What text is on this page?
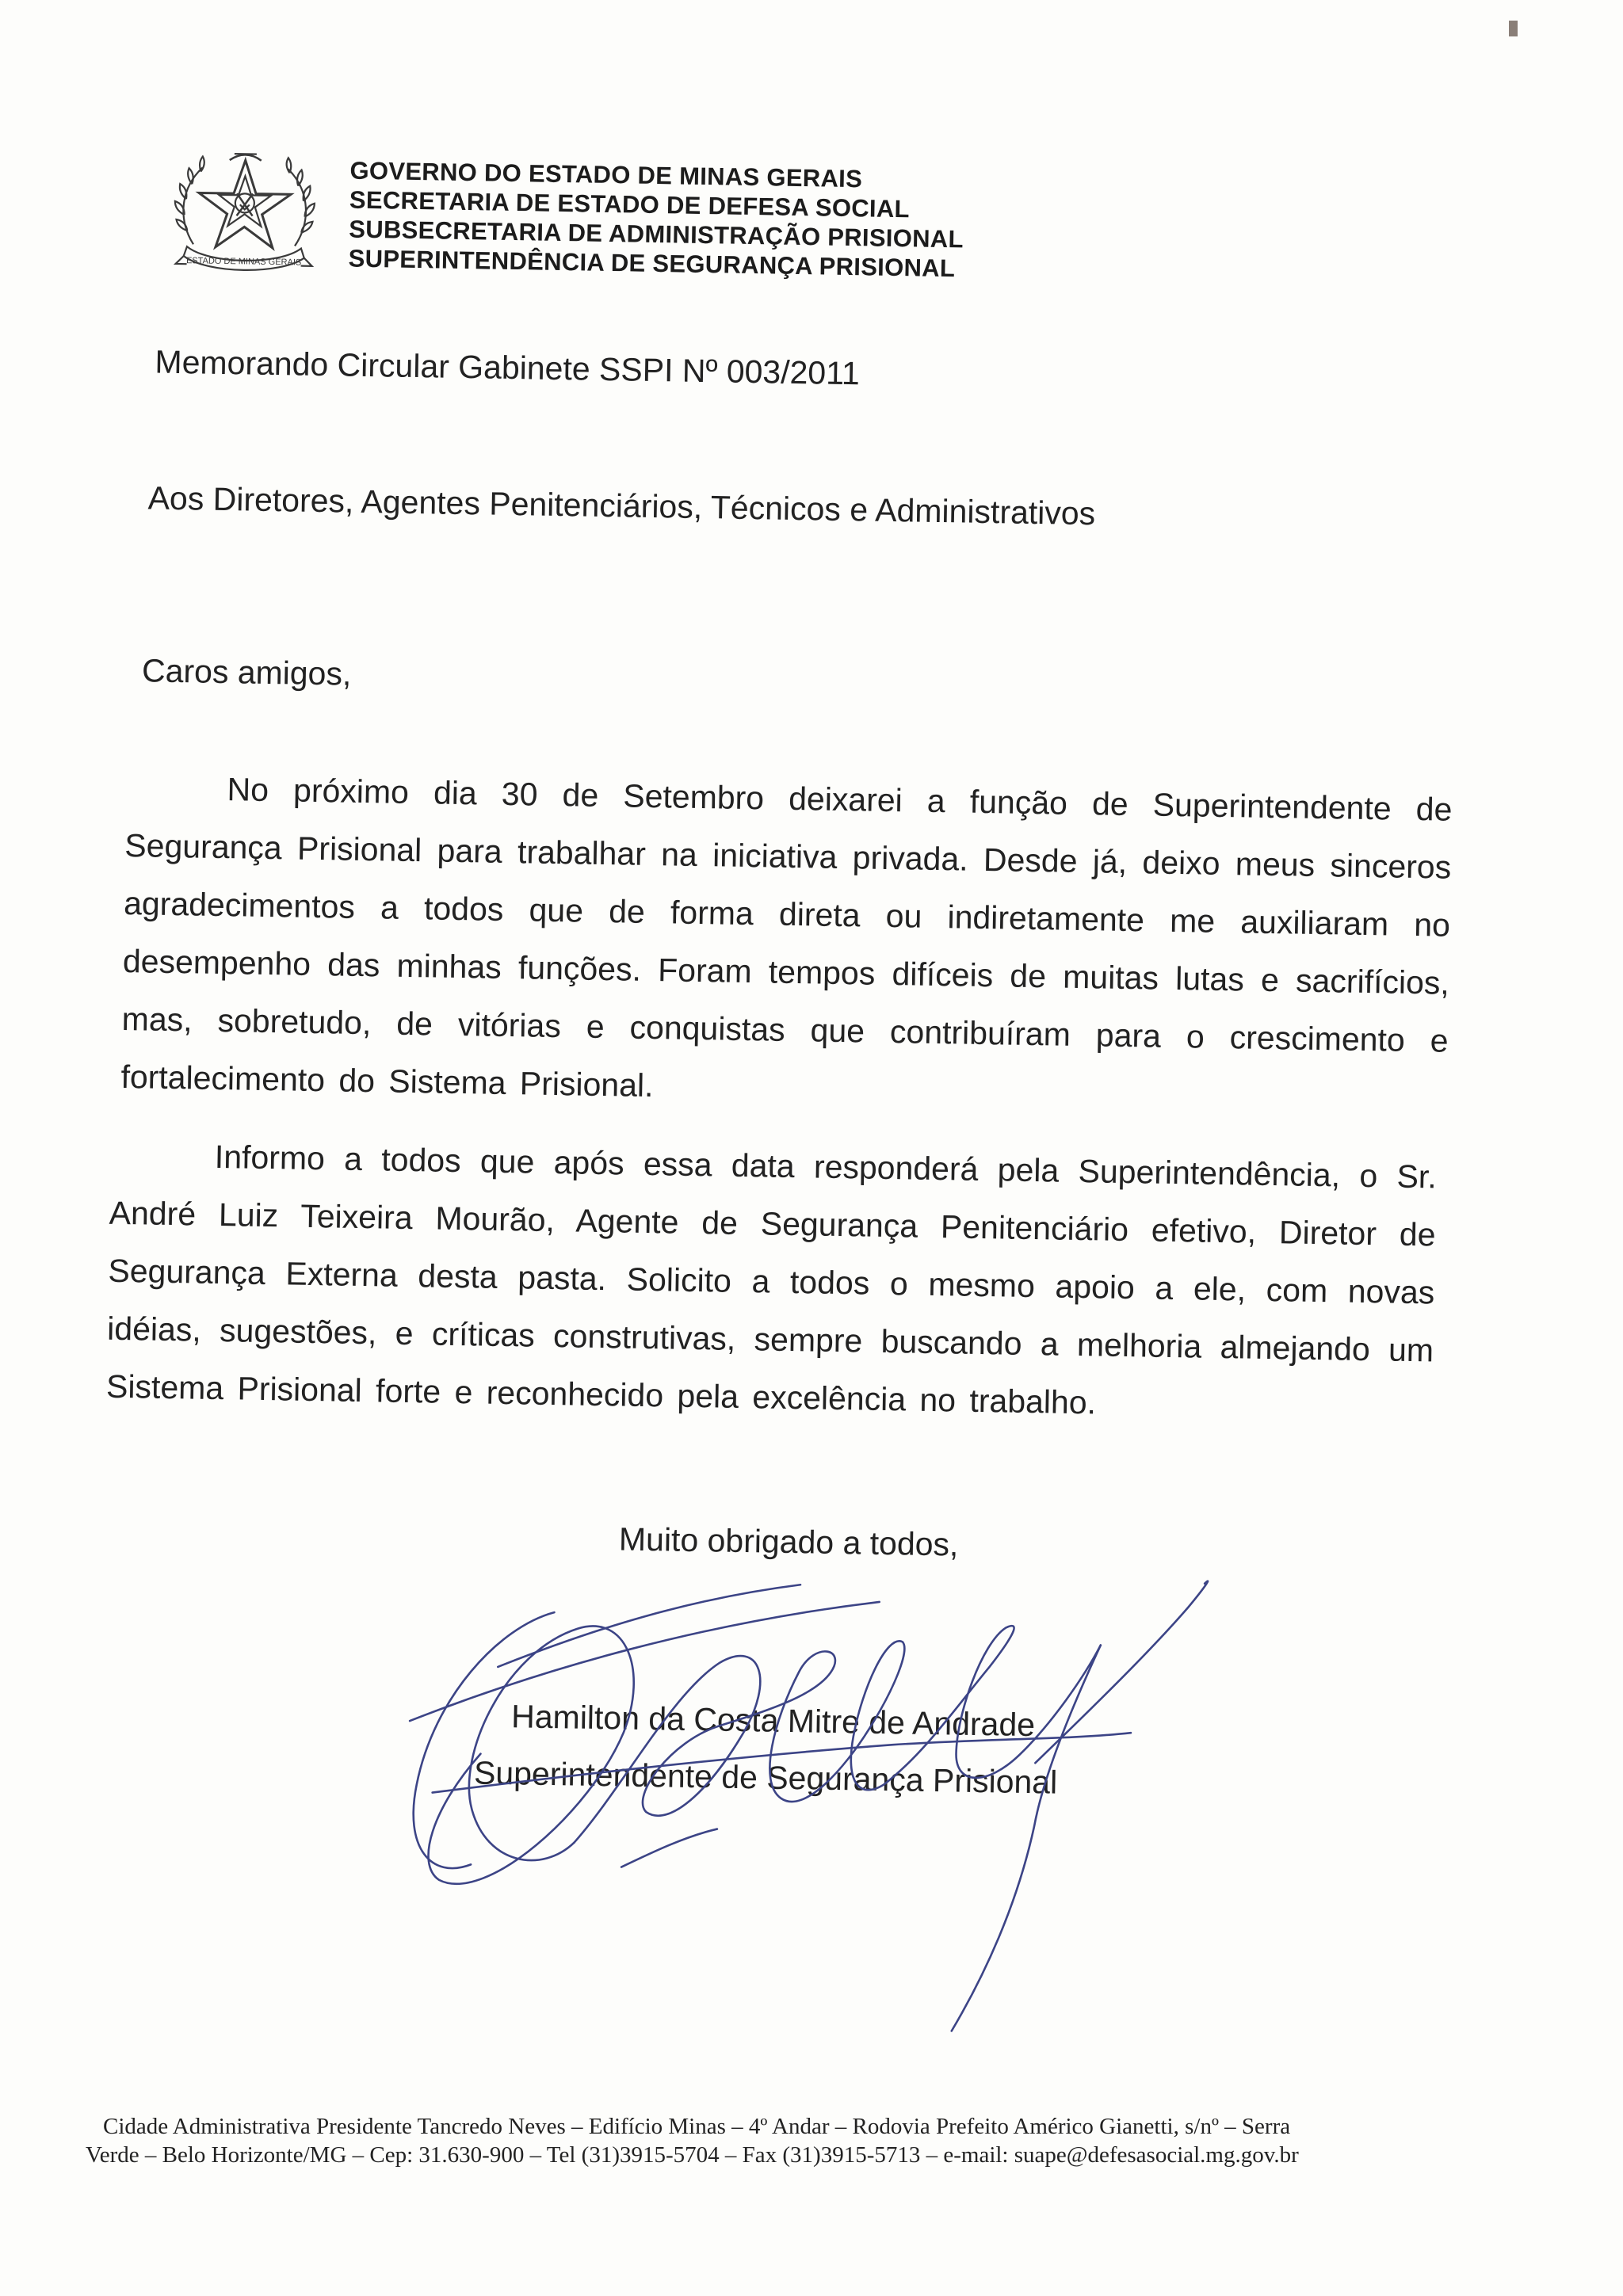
ESTADO DE MINAS GERAIS
GOVERNO DO ESTADO DE MINAS GERAIS
SECRETARIA DE ESTADO DE DEFESA SOCIAL
SUBSECRETARIA DE ADMINISTRAÇÃO PRISIONAL
SUPERINTENDÊNCIA DE SEGURANÇA PRISIONAL
Memorando Circular Gabinete SSPI Nº 003/2011
Aos Diretores, Agentes Penitenciários, Técnicos e Administrativos
Caros amigos,
No próximo dia 30 de Setembro deixarei a função de Superintendente de Segurança Prisional para trabalhar na iniciativa privada. Desde já, deixo meus sinceros agradecimentos a todos que de forma direta ou indiretamente me auxiliaram no desempenho das minhas funções. Foram tempos difíceis de muitas lutas e sacrifícios, mas, sobretudo, de vitórias e conquistas que contribuíram para o crescimento e fortalecimento do Sistema Prisional.
Informo a todos que após essa data responderá pela Superintendência, o Sr. André Luiz Teixeira Mourão, Agente de Segurança Penitenciário efetivo, Diretor de Segurança Externa desta pasta. Solicito a todos o mesmo apoio a ele, com novas idéias, sugestões, e críticas construtivas, sempre buscando a melhoria almejando um Sistema Prisional forte e reconhecido pela excelência no trabalho.
Muito obrigado a todos,
Hamilton da Costa Mitre de Andrade
Superintendente de Segurança Prisional
Cidade Administrativa Presidente Tancredo Neves – Edifício Minas – 4º Andar – Rodovia Prefeito Américo Gianetti, s/nº – Serra
Verde – Belo Horizonte/MG – Cep: 31.630-900 – Tel (31)3915-5704 – Fax (31)3915-5713 – e-mail: suape@defesasocial.mg.gov.br
